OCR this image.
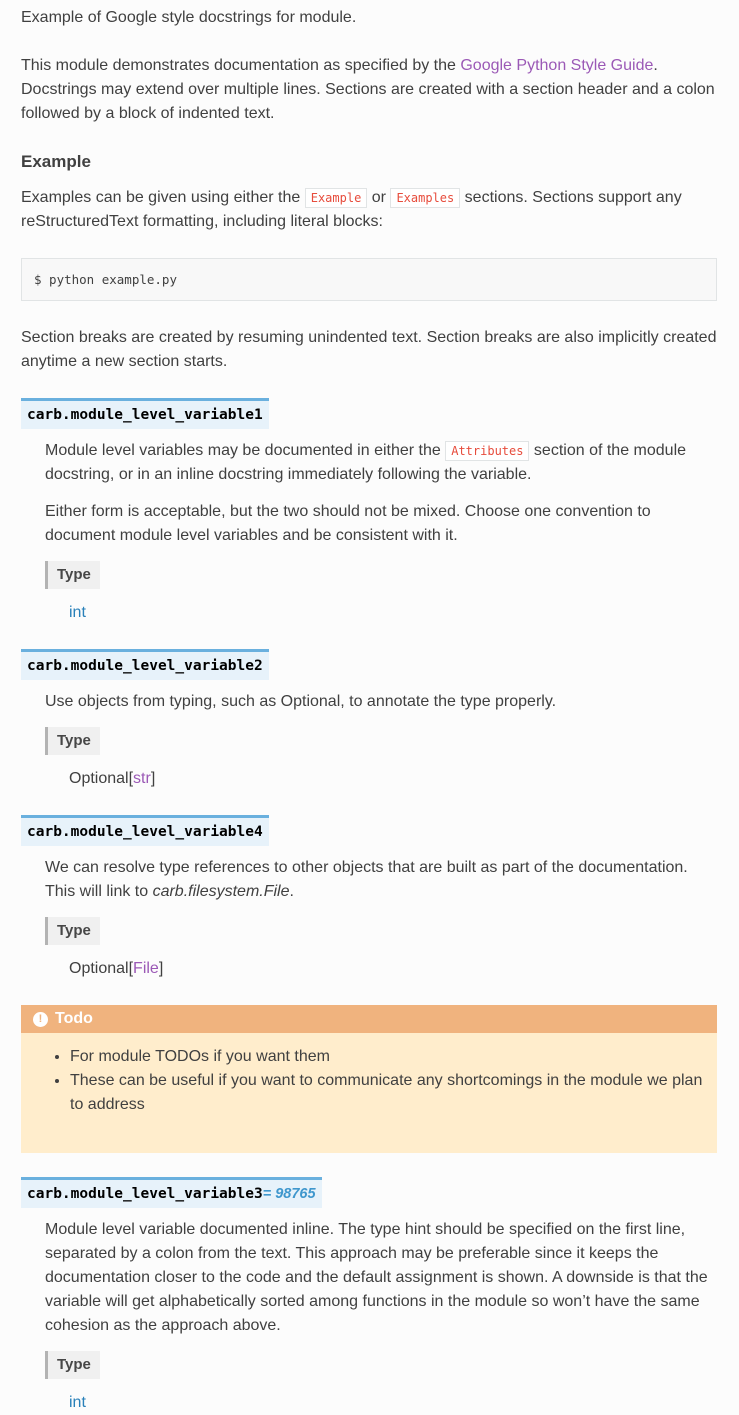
Example of Google style docstrings for module.

This module demonstrates documentation as specified by the Google Python Style Guide. Docstrings may extend over multiple lines. Sections are created with a section header and a colon followed by a block of indented text.

Example

Examples can be given using either the Example or Examples sections. Sections support any reStructuredText formatting, including literal blocks:

$ python example.py

Section breaks are created by resuming unindented text. Section breaks are also implicitly created anytime a new section starts.

carb.module_level_variable1

Module level variables may be documented in either the Attributes section of the module docstring, or in an inline docstring immediately following the variable.

Either form is acceptable, but the two should not be mixed. Choose one convention to document module level variables and be consistent with it.

Type

int

carb.module_level_variable2

Use objects from typing, such as Optional, to annotate the type properly.

Type

Optional[str]

carb.module_level_variable4

We can resolve type references to other objects that are built as part of the documentation. This will link to carb.filesystem.File.

Type

Optional[File]

! Todo
• For module TODOs if you want them
• These can be useful if you want to communicate any shortcomings in the module we plan to address
carb.module_level_variable3= 98765

Module level variable documented inline. The type hint should be specified on the first line, separated by a colon from the text. This approach may be preferable since it keeps the documentation closer to the code and the default assignment is shown. A downside is that the variable will get alphabetically sorted among functions in the module so won’t have the same cohesion as the approach above.

Type

int
